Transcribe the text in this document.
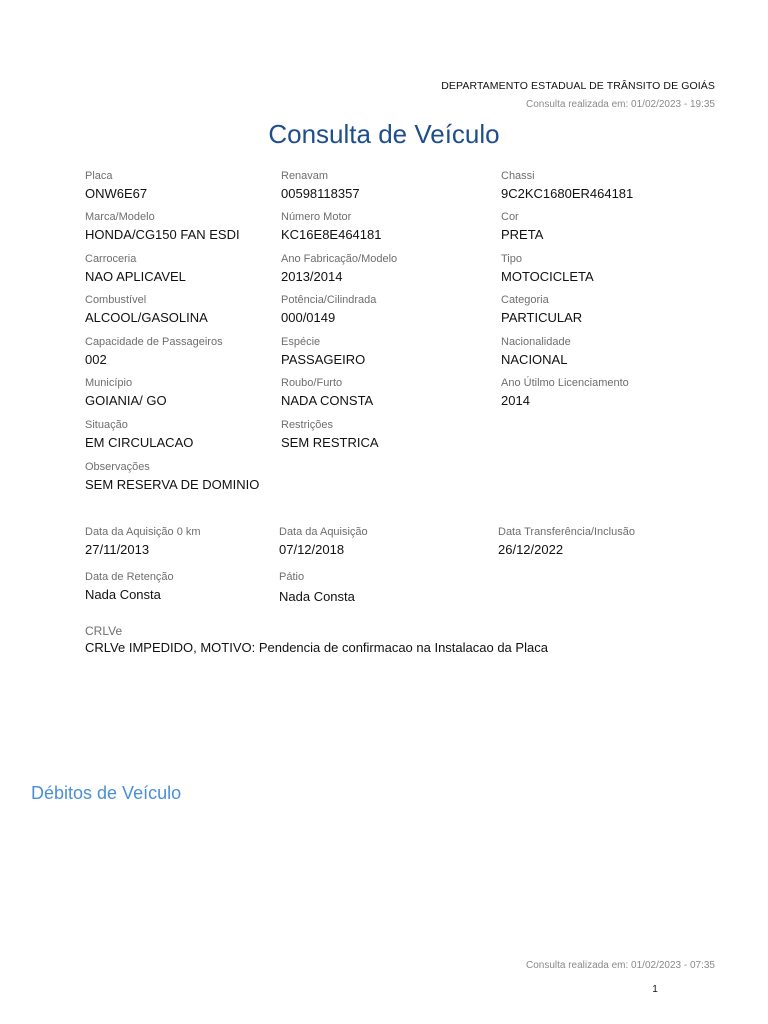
DEPARTAMENTO ESTADUAL DE TRÂNSITO DE GOIÁS
Consulta realizada em: 01/02/2023 - 19:35
Consulta de Veículo
Placa
ONW6E67
Renavam
00598118357
Chassi
9C2KC1680ER464181
Marca/Modelo
HONDA/CG150 FAN ESDI
Número Motor
KC16E8E464181
Cor
PRETA
Carroceria
NAO APLICAVEL
Ano Fabricação/Modelo
2013/2014
Tipo
MOTOCICLETA
Combustível
ALCOOL/GASOLINA
Potência/Cilindrada
000/0149
Categoria
PARTICULAR
Capacidade de Passageiros
002
Espécie
PASSAGEIRO
Nacionalidade
NACIONAL
Município
GOIANIA/ GO
Roubo/Furto
NADA CONSTA
Ano Útilmo Licenciamento
2014
Situação
EM CIRCULACAO
Restrições
SEM RESTRICA
Observações
SEM RESERVA DE DOMINIO
Data da Aquisição 0 km
27/11/2013
Data da Aquisição
07/12/2018
Data Transferência/Inclusão
26/12/2022
Data de Retenção
Nada Consta
Pátio
Nada Consta
CRLVe
CRLVe IMPEDIDO, MOTIVO: Pendencia de confirmacao na Instalacao da Placa
Débitos de Veículo
Consulta realizada em: 01/02/2023 - 07:35
1
